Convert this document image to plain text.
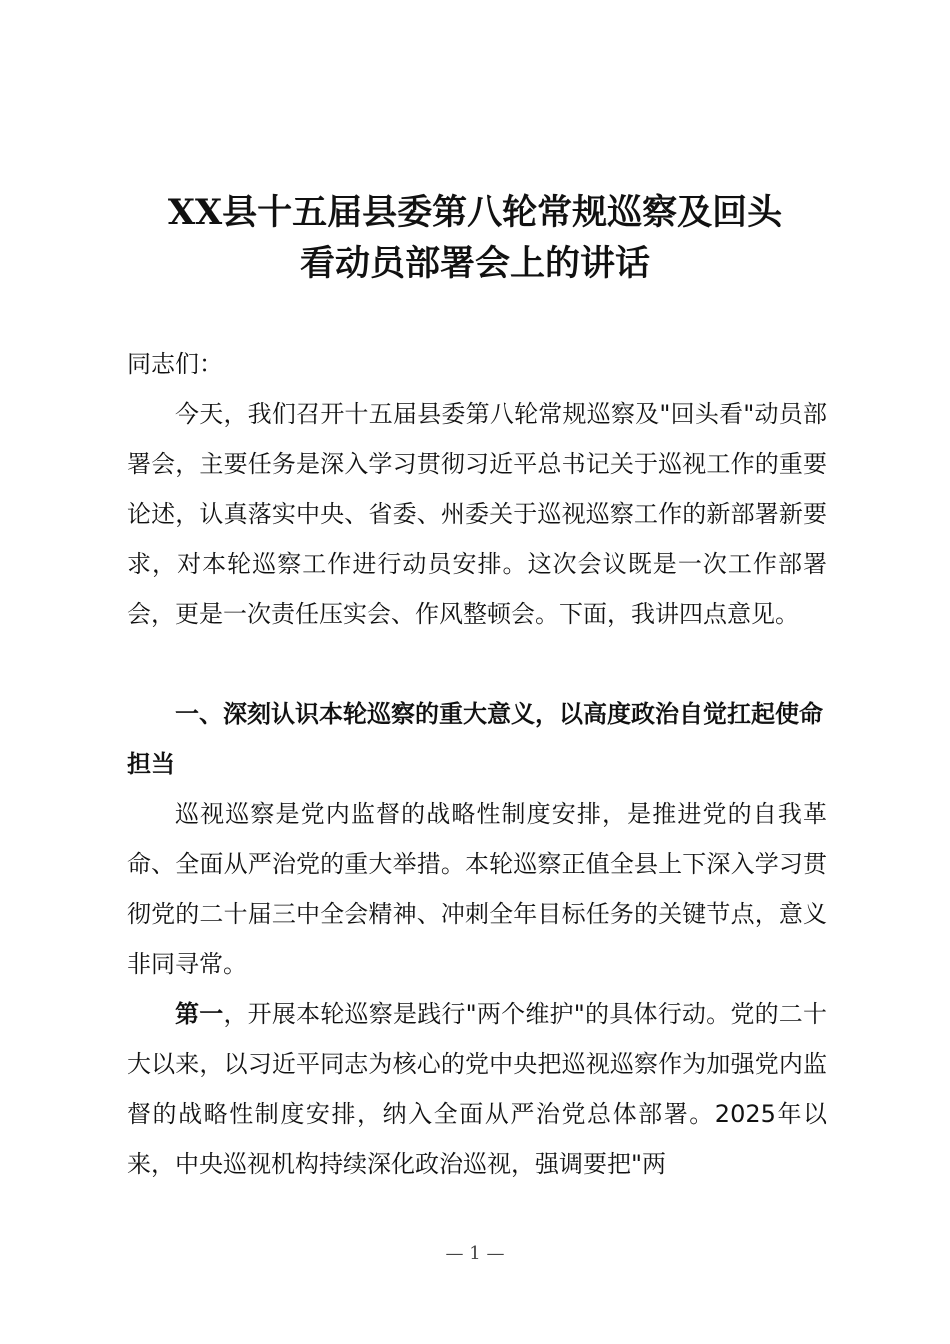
XX县十五届县委第八轮常规巡察及回头
看动员部署会上的讲话

同志们：

今天，我们召开十五届县委第八轮常规巡察及"回头看"动员部署会，主要任务是深入学习贯彻习近平总书记关于巡视工作的重要论述，认真落实中央、省委、州委关于巡视巡察工作的新部署新要求，对本轮巡察工作进行动员安排。这次会议既是一次工作部署会，更是一次责任压实会、作风整顿会。下面，我讲四点意见。

一、深刻认识本轮巡察的重大意义，以高度政治自觉扛起使命担当

巡视巡察是党内监督的战略性制度安排，是推进党的自我革命、全面从严治党的重大举措。本轮巡察正值全县上下深入学习贯彻党的二十届三中全会精神、冲刺全年目标任务的关键节点，意义非同寻常。

第一，开展本轮巡察是践行"两个维护"的具体行动。党的二十大以来，以习近平同志为核心的党中央把巡视巡察作为加强党内监督的战略性制度安排，纳入全面从严治党总体部署。2025年以来，中央巡视机构持续深化政治巡视，强调要把"两

— 1 —
